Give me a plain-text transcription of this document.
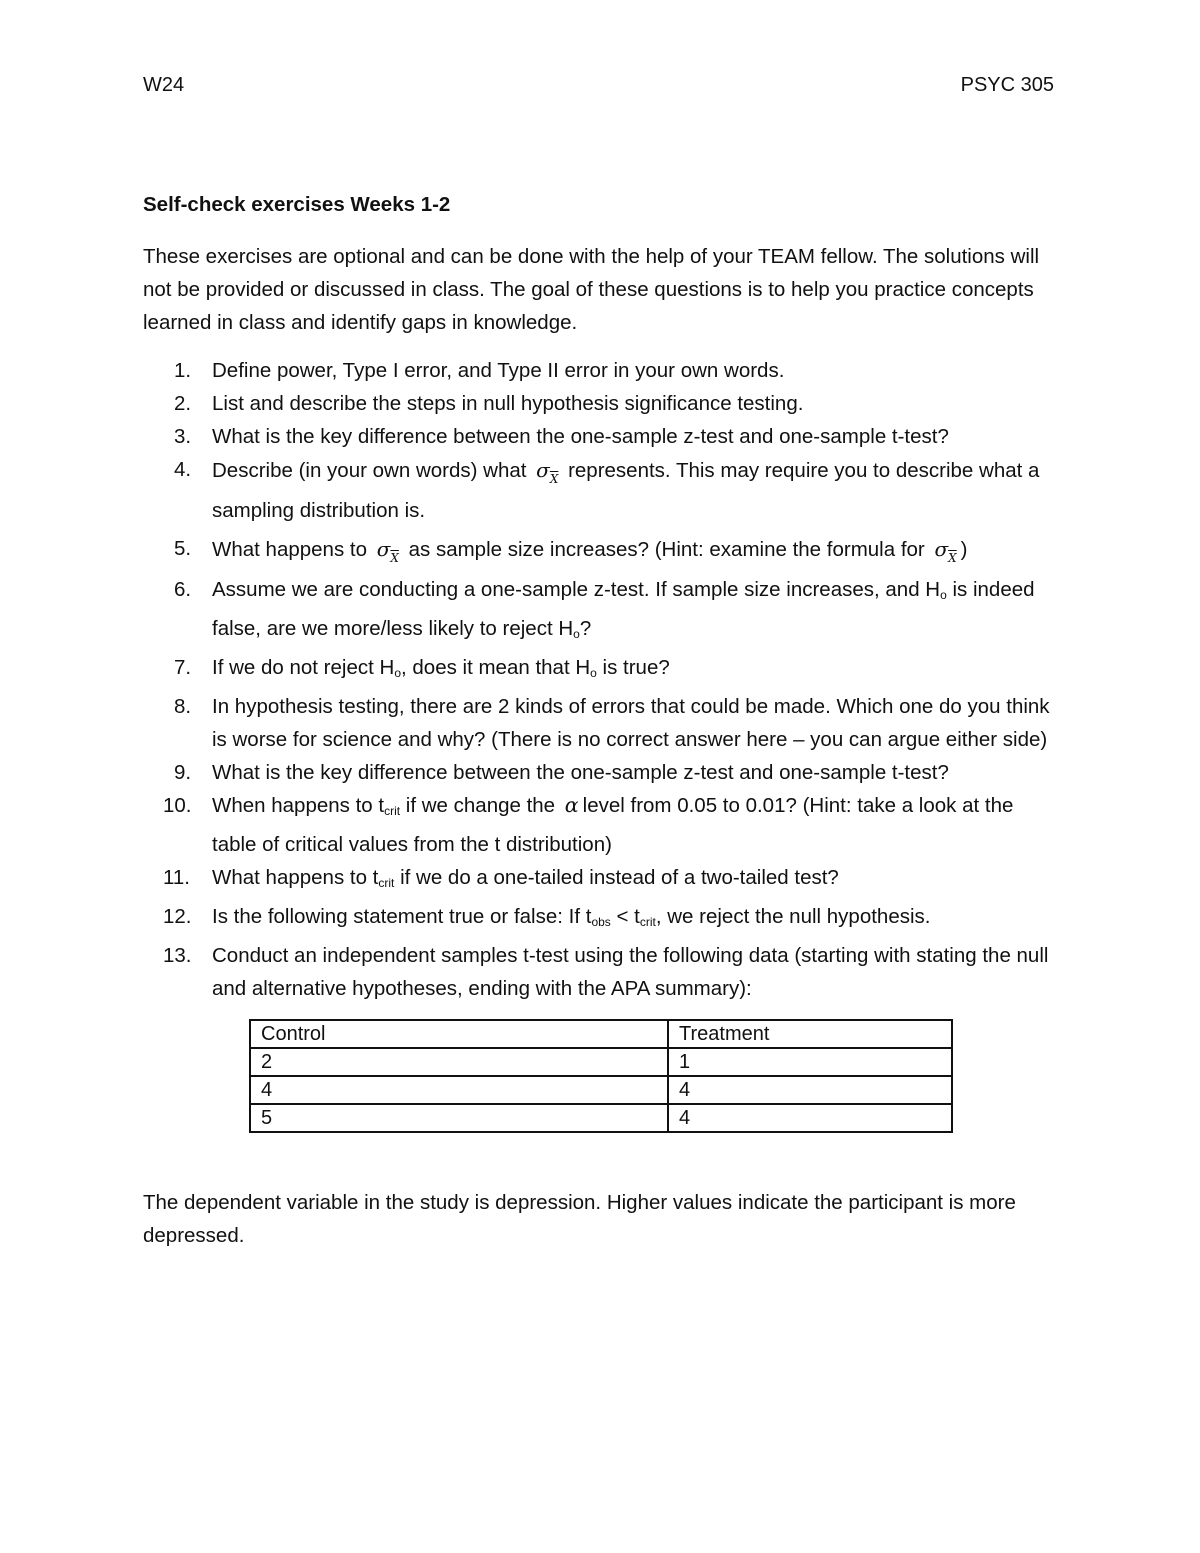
W24	PSYC 305
Self-check exercises Weeks 1-2
These exercises are optional and can be done with the help of your TEAM fellow. The solutions will not be provided or discussed in class. The goal of these questions is to help you practice concepts learned in class and identify gaps in knowledge.
1. Define power, Type I error, and Type II error in your own words.
2. List and describe the steps in null hypothesis significance testing.
3. What is the key difference between the one-sample z-test and one-sample t-test?
4. Describe (in your own words) what $\sigma_{\overline{X}}$ represents. This may require you to describe what a sampling distribution is.
5. What happens to $\sigma_{\overline{X}}$ as sample size increases? (Hint: examine the formula for $\sigma_{\overline{X}}$ )
6. Assume we are conducting a one-sample z-test. If sample size increases, and $H_o$ is indeed false, are we more/less likely to reject $H_o$?
7. If we do not reject $H_o$, does it mean that $H_o$ is true?
8. In hypothesis testing, there are 2 kinds of errors that could be made. Which one do you think is worse for science and why? (There is no correct answer here – you can argue either side)
9. What is the key difference between the one-sample z-test and one-sample t-test?
10. When happens to $t_{crit}$ if we change the α level from 0.05 to 0.01? (Hint: take a look at the table of critical values from the t distribution)
11. What happens to $t_{crit}$ if we do a one-tailed instead of a two-tailed test?
12. Is the following statement true or false: If $t_{obs} < t_{crit}$, we reject the null hypothesis.
13. Conduct an independent samples t-test using the following data (starting with stating the null and alternative hypotheses, ending with the APA summary):
Control	Treatment
2	1
4	4
5	4
The dependent variable in the study is depression. Higher values indicate the participant is more depressed.
